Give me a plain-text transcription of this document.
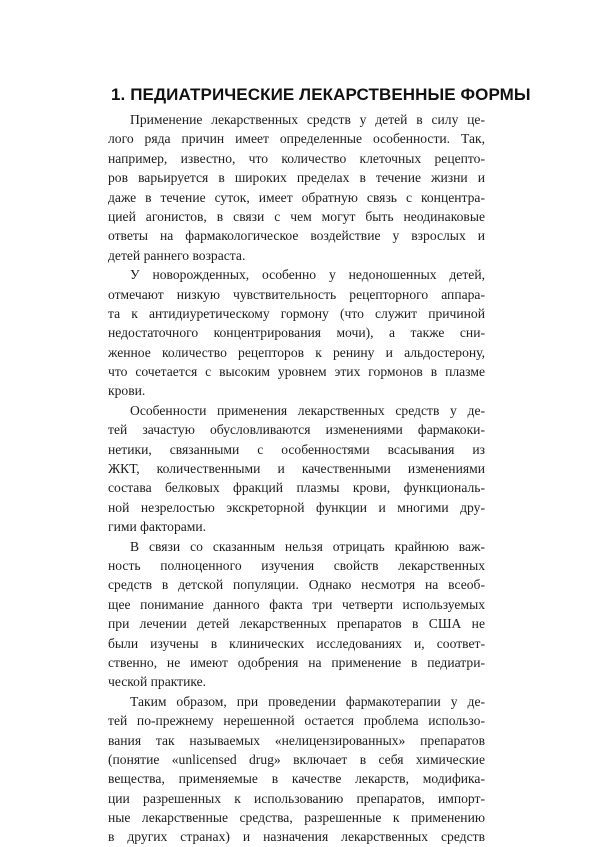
1. ПЕДИАТРИЧЕСКИЕ ЛЕКАРСТВЕННЫЕ ФОРМЫ
Применение лекарственных средств у детей в силу це-
лого ряда причин имеет определенные особенности. Так,
например, известно, что количество клеточных рецепто-
ров варьируется в широких пределах в течение жизни и
даже в течение суток, имеет обратную связь с концентра-
цией агонистов, в связи с чем могут быть неодинаковые
ответы на фармакологическое воздействие у взрослых и
детей раннего возраста.
У новорожденных, особенно у недоношенных детей,
отмечают низкую чувствительность рецепторного аппара-
та к антидиуретическому гормону (что служит причиной
недостаточного концентрирования мочи), а также сни-
женное количество рецепторов к ренину и альдостерону,
что сочетается с высоким уровнем этих гормонов в плазме
крови.
Особенности применения лекарственных средств у де-
тей зачастую обусловливаются изменениями фармакоки-
нетики, связанными с особенностями всасывания из
ЖКТ, количественными и качественными изменениями
состава белковых фракций плазмы крови, функциональ-
ной незрелостью экскреторной функции и многими дру-
гими факторами.
В связи со сказанным нельзя отрицать крайнюю важ-
ность полноценного изучения свойств лекарственных
средств в детской популяции. Однако несмотря на всеоб-
щее понимание данного факта три четверти используемых
при лечении детей лекарственных препаратов в США не
были изучены в клинических исследованиях и, соответ-
ственно, не имеют одобрения на применение в педиатри-
ческой практике.
Таким образом, при проведении фармакотерапии у де-
тей по-прежнему нерешенной остается проблема использо-
вания так называемых «нелицензированных» препаратов
(понятие «unlicensed drug» включает в себя химические
вещества, применяемые в качестве лекарств, модифика-
ции разрешенных к использованию препаратов, импорт-
ные лекарственные средства, разрешенные к применению
в других странах) и назначения лекарственных средств
